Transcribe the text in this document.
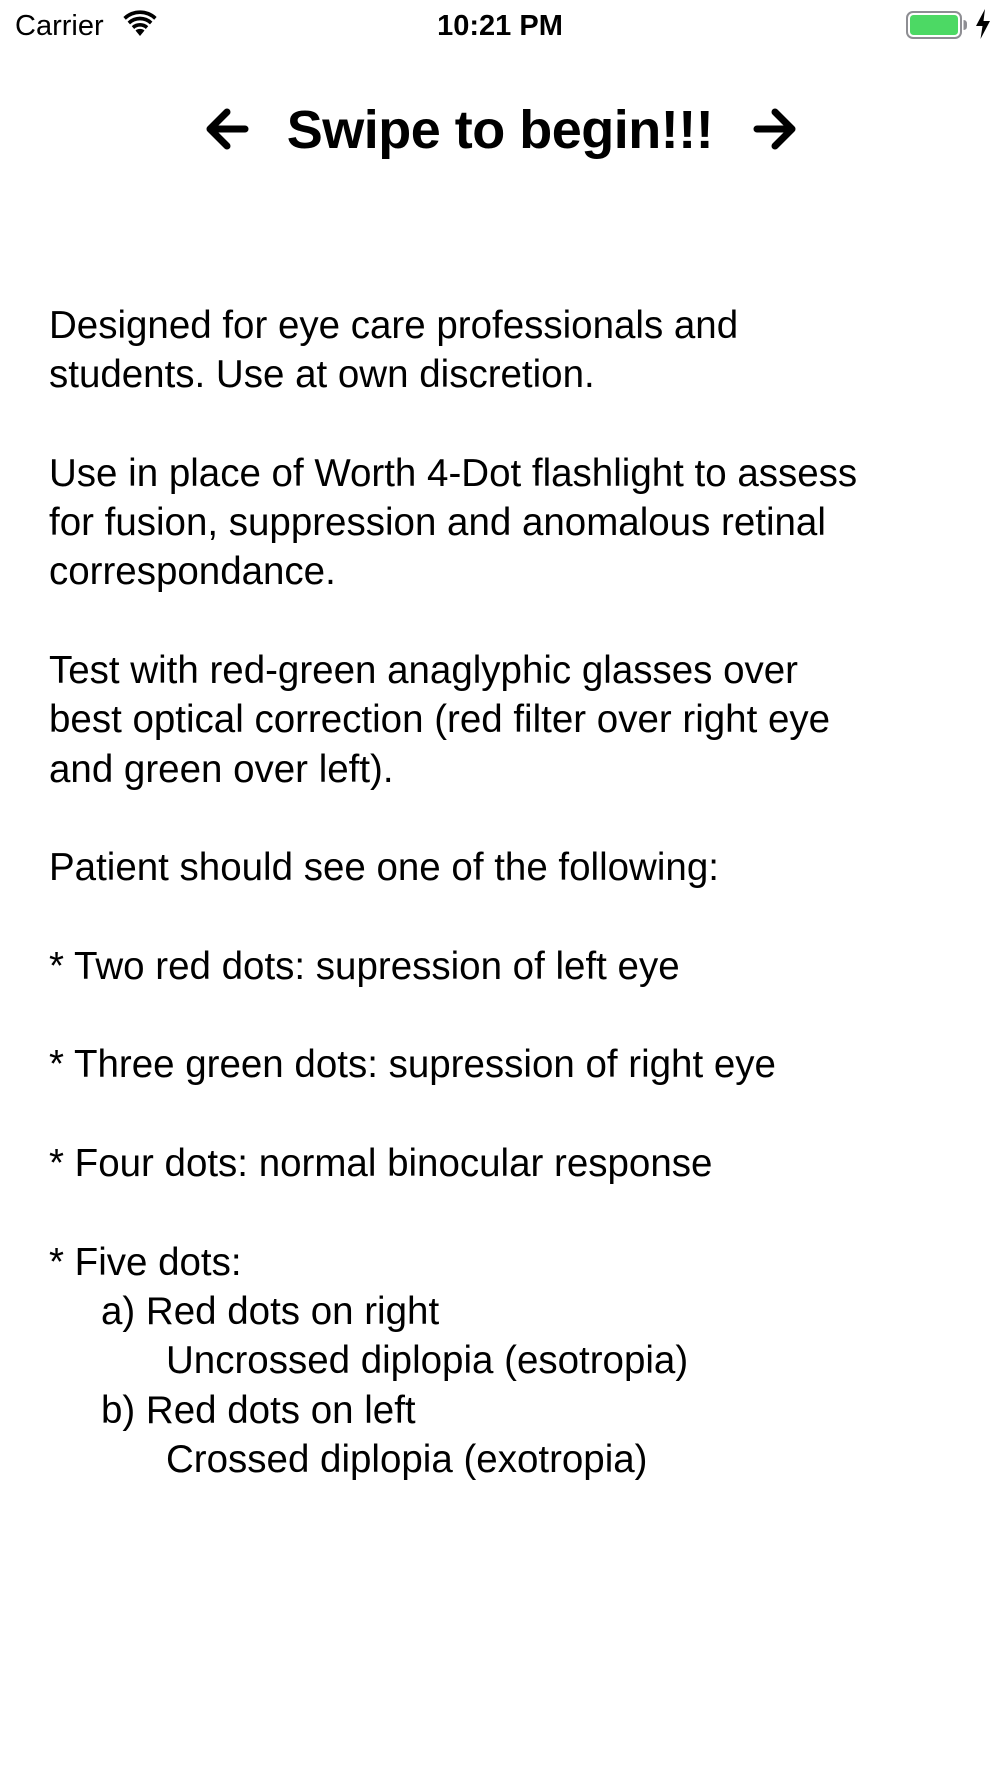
Carrier	10:21 PM
Swipe to begin!!!

Designed for eye care professionals and
students. Use at own discretion.

Use in place of Worth 4-Dot flashlight to assess
for fusion, suppression and anomalous retinal
correspondance.

Test with red-green anaglyphic glasses over
best optical correction (red filter over right eye
and green over left).

Patient should see one of the following:

* Two red dots: supression of left eye

* Three green dots: supression of right eye

* Four dots: normal binocular response

* Five dots:

a) Red dots on right

Uncrossed diplopia (esotropia)

b) Red dots on left

Crossed diplopia (exotropia)
